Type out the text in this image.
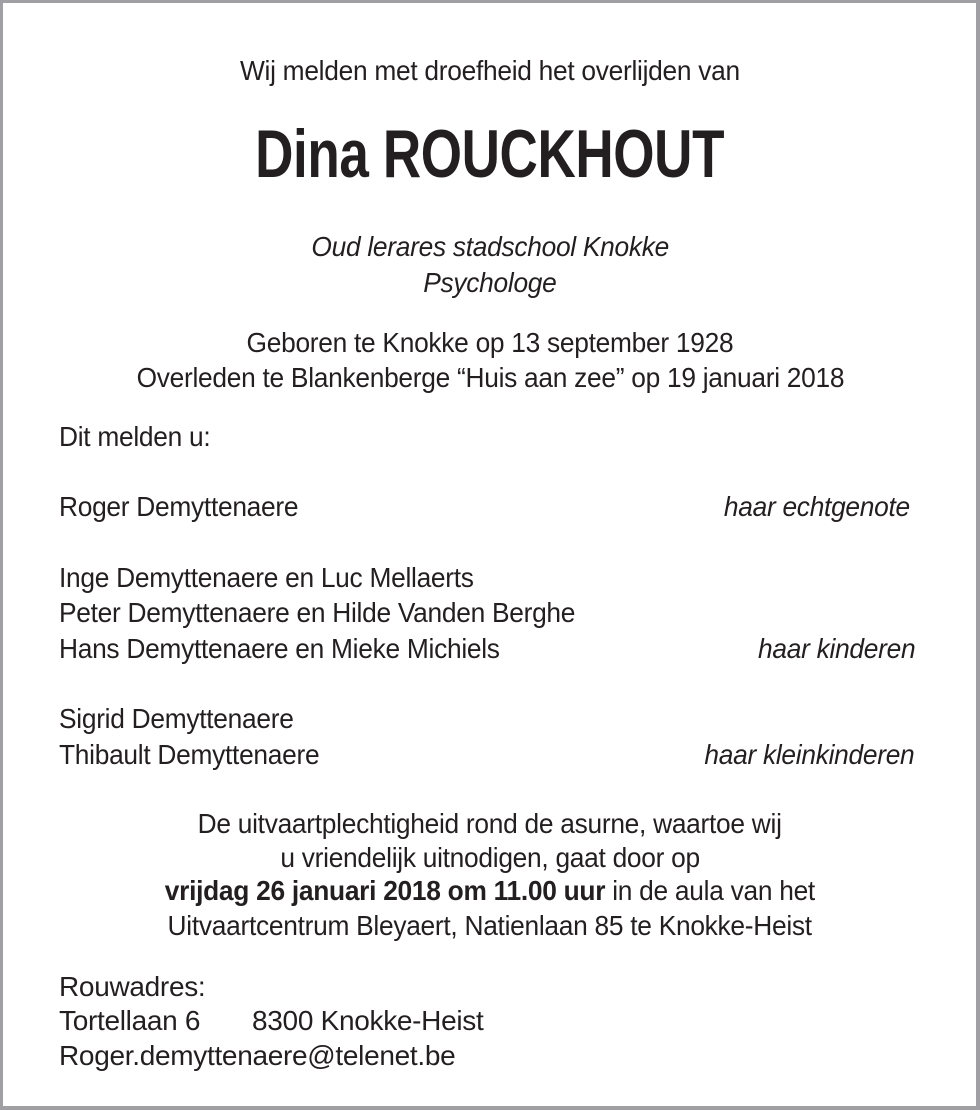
Wij melden met droefheid het overlijden van
Dina ROUCKHOUT
Oud lerares stadschool Knokke
Psychologe
Geboren te Knokke op 13 september 1928
Overleden te Blankenberge “Huis aan zee” op 19 januari 2018
Dit melden u:
Roger Demyttenaere	haar echtgenote
Inge Demyttenaere en Luc Mellaerts
Peter Demyttenaere en Hilde Vanden Berghe
Hans Demyttenaere en Mieke Michiels	haar kinderen
Sigrid Demyttenaere
Thibault Demyttenaere	haar kleinkinderen
De uitvaartplechtigheid rond de asurne, waartoe wij
u vriendelijk uitnodigen, gaat door op
vrijdag 26 januari 2018 om 11.00 uur in de aula van het
Uitvaartcentrum Bleyaert, Natienlaan 85 te Knokke-Heist
Rouwadres:
Tortellaan 6 8300 Knokke-Heist
Roger.demyttenaere@telenet.be
